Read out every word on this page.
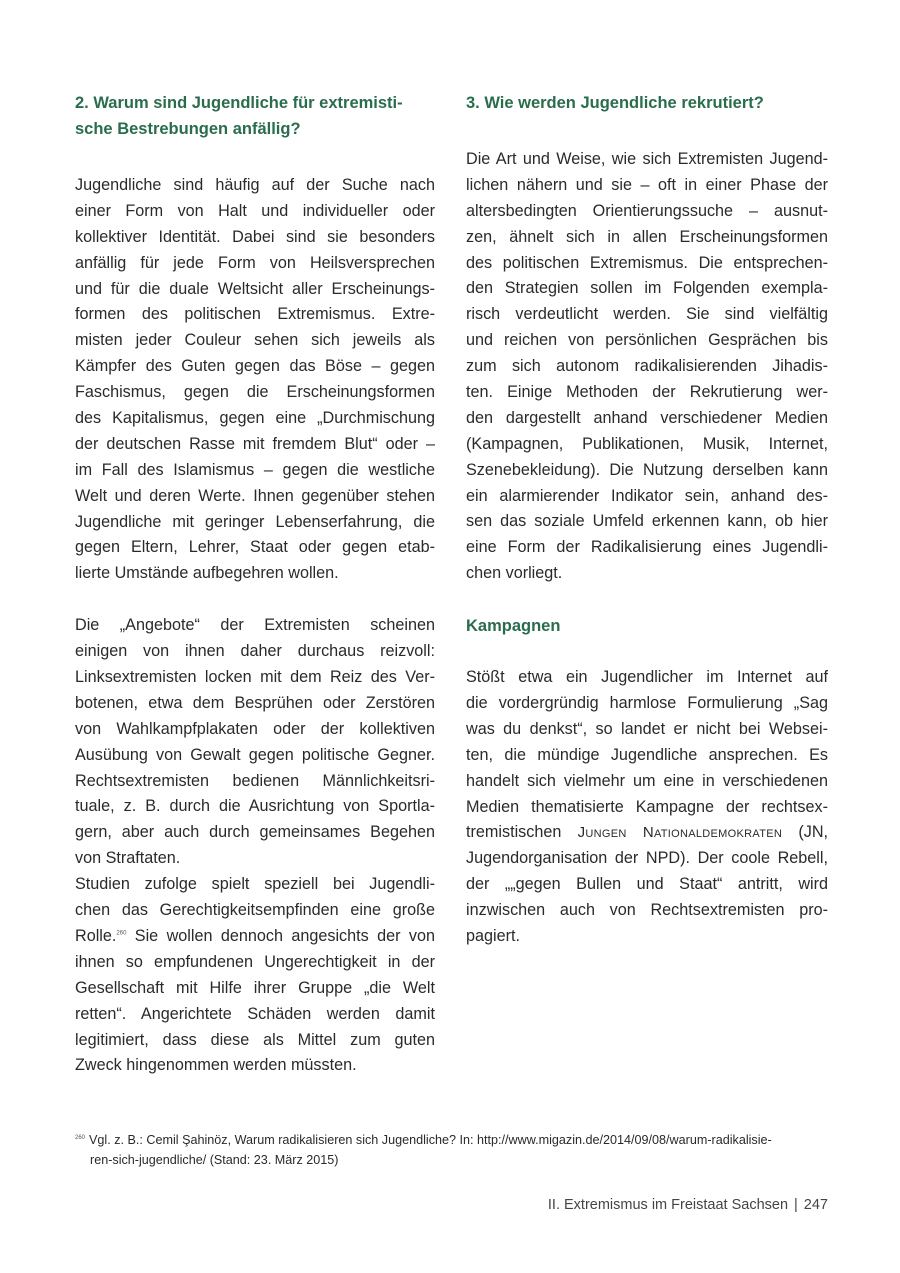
2. Warum sind Jugendliche für extremisti-
sche Bestrebungen anfällig?
Jugendliche sind häufig auf der Suche nach
einer Form von Halt und individueller oder
kollektiver Identität. Dabei sind sie besonders
anfällig für jede Form von Heilsversprechen
und für die duale Weltsicht aller Erscheinungs-
formen des politischen Extremismus. Extre-
misten jeder Couleur sehen sich jeweils als
Kämpfer des Guten gegen das Böse – gegen
Faschismus, gegen die Erscheinungsformen
des Kapitalismus, gegen eine „Durchmischung
der deutschen Rasse mit fremdem Blut“ oder –
im Fall des Islamismus – gegen die westliche
Welt und deren Werte. Ihnen gegenüber stehen
Jugendliche mit geringer Lebenserfahrung, die
gegen Eltern, Lehrer, Staat oder gegen etab-
lierte Umstände aufbegehren wollen.
Die „Angebote“ der Extremisten scheinen
einigen von ihnen daher durchaus reizvoll:
Linksextremisten locken mit dem Reiz des Ver-
botenen, etwa dem Besprühen oder Zerstören
von Wahlkampfplakaten oder der kollektiven
Ausübung von Gewalt gegen politische Gegner.
Rechtsextremisten bedienen Männlichkeitsri-
tuale, z. B. durch die Ausrichtung von Sportla-
gern, aber auch durch gemeinsames Begehen
von Straftaten.
Studien zufolge spielt speziell bei Jugendli-
chen das Gerechtigkeitsempfinden eine große
Rolle.$^{260}$ Sie wollen dennoch angesichts der von
ihnen so empfundenen Ungerechtigkeit in der
Gesellschaft mit Hilfe ihrer Gruppe „die Welt
retten“. Angerichtete Schäden werden damit
legitimiert, dass diese als Mittel zum guten
Zweck hingenommen werden müssten.
3. Wie werden Jugendliche rekrutiert?
Die Art und Weise, wie sich Extremisten Jugend-
lichen nähern und sie – oft in einer Phase der
altersbedingten Orientierungssuche – ausnut-
zen, ähnelt sich in allen Erscheinungsformen
des politischen Extremismus. Die entsprechen-
den Strategien sollen im Folgenden exempla-
risch verdeutlicht werden. Sie sind vielfältig
und reichen von persönlichen Gesprächen bis
zum sich autonom radikalisierenden Jihadis-
ten. Einige Methoden der Rekrutierung wer-
den dargestellt anhand verschiedener Medien
(Kampagnen, Publikationen, Musik, Internet,
Szenebekleidung). Die Nutzung derselben kann
ein alarmierender Indikator sein, anhand des-
sen das soziale Umfeld erkennen kann, ob hier
eine Form der Radikalisierung eines Jugendli-
chen vorliegt.
Kampagnen
Stößt etwa ein Jugendlicher im Internet auf
die vordergründig harmlose Formulierung „Sag
was du denkst“, so landet er nicht bei Websei-
ten, die mündige Jugendliche ansprechen. Es
handelt sich vielmehr um eine in verschiedenen
Medien thematisierte Kampagne der rechtsex-
tremistischen Jungen Nationaldemokraten (JN,
Jugendorganisation der NPD). Der coole Rebell,
der „„gegen Bullen und Staat“ antritt, wird
inzwischen auch von Rechtsextremisten pro-
pagiert.
$^{260}$ Vgl. z. B.: Cemil Şahinöz, Warum radikalisieren sich Jugendliche? In: http://www.migazin.de/2014/09/08/warum-radikalisie-
ren-sich-jugendliche/ (Stand: 23. März 2015)
II. Extremismus im Freistaat Sachsen | 247
